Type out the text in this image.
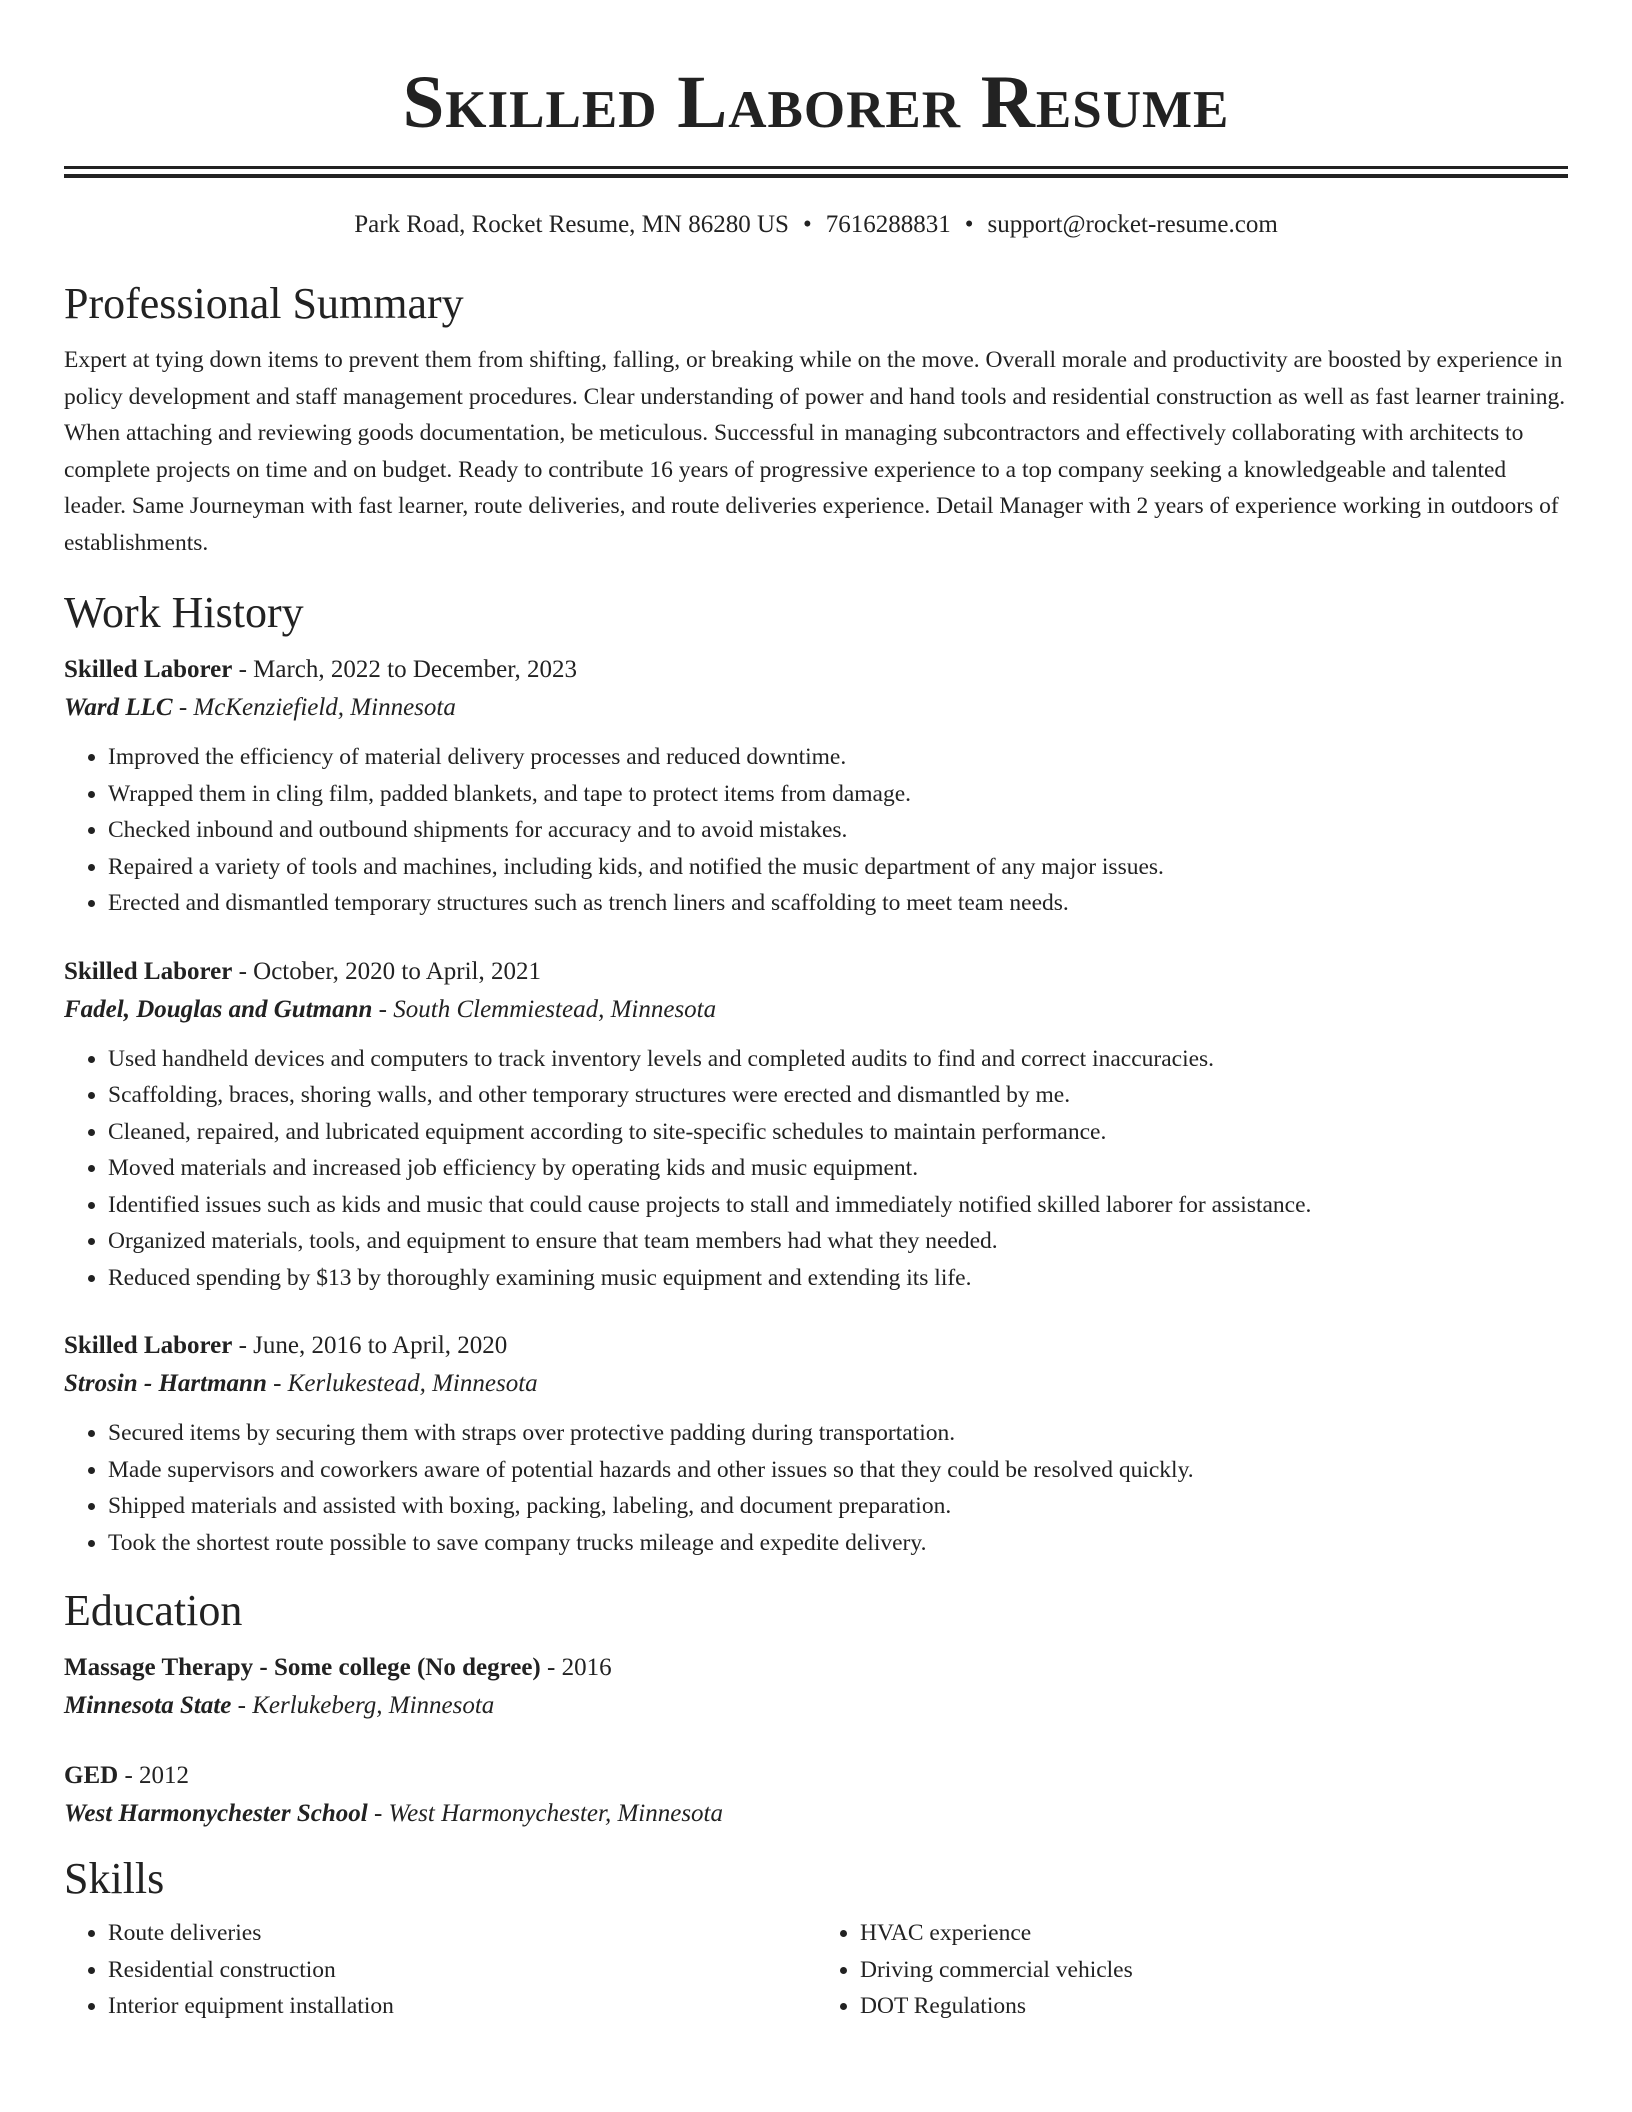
Skilled Laborer Resume
Park Road, Rocket Resume, MN 86280 US • 7616288831 • support@rocket-resume.com
Professional Summary

Expert at tying down items to prevent them from shifting, falling, or breaking while on the move. Overall morale and productivity are boosted by experience in policy development and staff management procedures. Clear understanding of power and hand tools and residential construction as well as fast learner training. When attaching and reviewing goods documentation, be meticulous. Successful in managing subcontractors and effectively collaborating with architects to complete projects on time and on budget. Ready to contribute 16 years of progressive experience to a top company seeking a knowledgeable and talented leader. Same Journeyman with fast learner, route deliveries, and route deliveries experience. Detail Manager with 2 years of experience working in outdoors of establishments.

Work History
Skilled Laborer - March, 2022 to December, 2023
Ward LLC - McKenziefield, Minnesota
• Improved the efficiency of material delivery processes and reduced downtime.
• Wrapped them in cling film, padded blankets, and tape to protect items from damage.
• Checked inbound and outbound shipments for accuracy and to avoid mistakes.
• Repaired a variety of tools and machines, including kids, and notified the music department of any major issues.
• Erected and dismantled temporary structures such as trench liners and scaffolding to meet team needs.
Skilled Laborer - October, 2020 to April, 2021
Fadel, Douglas and Gutmann - South Clemmiestead, Minnesota
• Used handheld devices and computers to track inventory levels and completed audits to find and correct inaccuracies.
• Scaffolding, braces, shoring walls, and other temporary structures were erected and dismantled by me.
• Cleaned, repaired, and lubricated equipment according to site-specific schedules to maintain performance.
• Moved materials and increased job efficiency by operating kids and music equipment.
• Identified issues such as kids and music that could cause projects to stall and immediately notified skilled laborer for assistance.
• Organized materials, tools, and equipment to ensure that team members had what they needed.
• Reduced spending by $13 by thoroughly examining music equipment and extending its life.
Skilled Laborer - June, 2016 to April, 2020
Strosin - Hartmann - Kerlukestead, Minnesota
• Secured items by securing them with straps over protective padding during transportation.
• Made supervisors and coworkers aware of potential hazards and other issues so that they could be resolved quickly.
• Shipped materials and assisted with boxing, packing, labeling, and document preparation.
• Took the shortest route possible to save company trucks mileage and expedite delivery.
Education
Massage Therapy - Some college (No degree) - 2016
Minnesota State - Kerlukeberg, Minnesota
GED - 2012
West Harmonychester School - West Harmonychester, Minnesota
Skills
• Route deliveries
• Residential construction
• Interior equipment installation
• HVAC experience
• Driving commercial vehicles
• DOT Regulations
